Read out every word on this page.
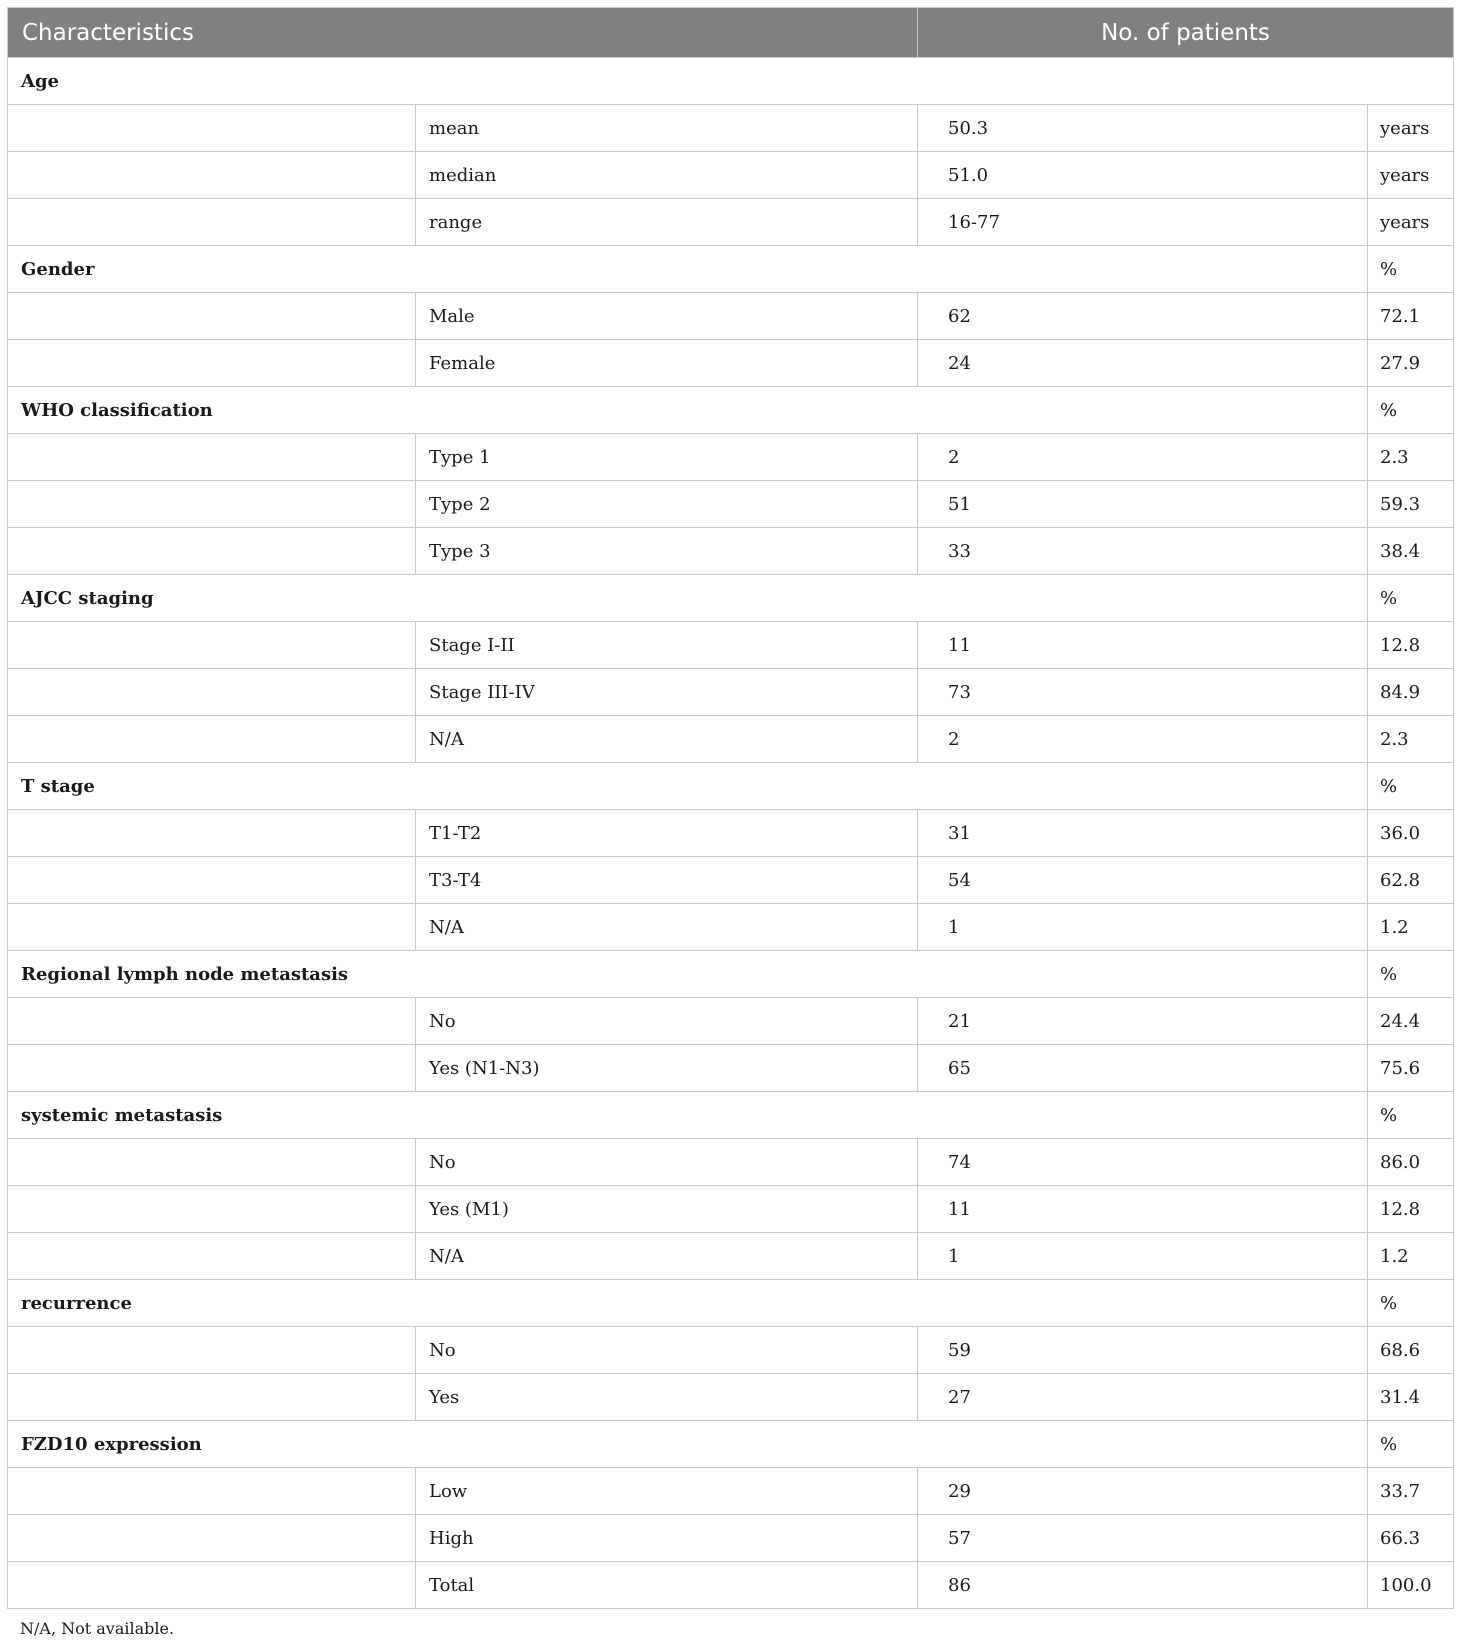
Characteristics		No. of patients	
Age			
	mean	50.3	years
	median	51.0	years
	range	16-77	years
Gender			%
	Male	62	72.1
	Female	24	27.9
WHO classification			%
	Type 1	2	2.3
	Type 2	51	59.3
	Type 3	33	38.4
AJCC staging			%
	Stage I-II	11	12.8
	Stage III-IV	73	84.9
	N/A	2	2.3
T stage			%
	T1-T2	31	36.0
	T3-T4	54	62.8
	N/A	1	1.2
Regional lymph node metastasis			%
	No	21	24.4
	Yes (N1-N3)	65	75.6
systemic metastasis			%
	No	74	86.0
	Yes (M1)	11	12.8
	N/A	1	1.2
recurrence			%
	No	59	68.6
	Yes	27	31.4
FZD10 expression			%
	Low	29	33.7
	High	57	66.3
	Total	86	100.0
N/A, Not available.
